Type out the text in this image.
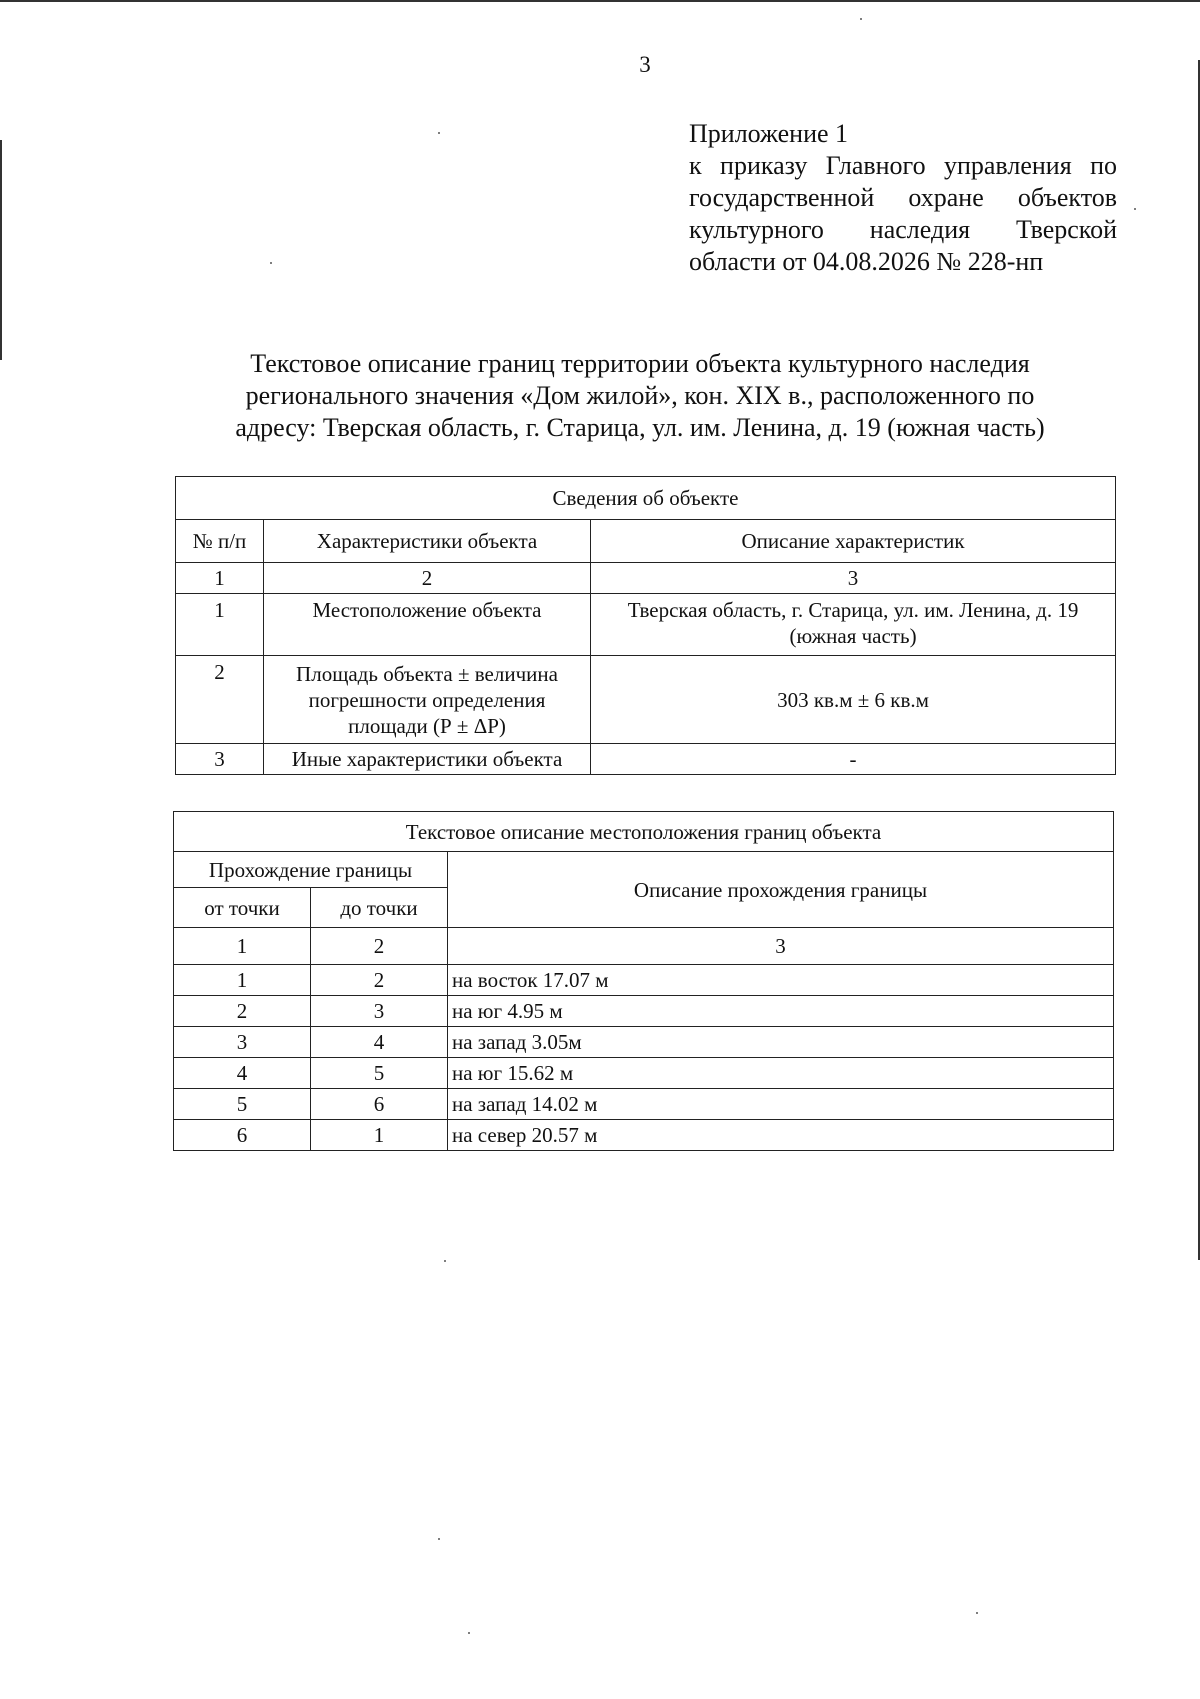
3
Приложение 1
к приказу Главного управления по
государственной охране объектов
культурного наследия Тверской
области от 04.08.2026 № 228-нп
Текстовое описание границ территории объекта культурного наследия
регионального значения «Дом жилой», кон. XIX в., расположенного по
адресу: Тверская область, г. Старица, ул. им. Ленина, д. 19 (южная часть)
Сведения об объекте		
№ п/п	Характеристики объекта	Описание характеристик
1	2	3
1	Местоположение объекта	Тверская область, г. Старица, ул. им. Ленина, д. 19 (южная часть)
2	Площадь объекта ± величина погрешности определения площади (Р ± ΔР)	303 кв.м ± 6 кв.м
3	Иные характеристики объекта	-
Текстовое описание местоположения границ объекта		
Прохождение границы		Описание прохождения границы
от точки	до точки	
1	2	3
1	2	на восток 17.07 м
2	3	на юг 4.95 м
3	4	на запад 3.05м
4	5	на юг 15.62 м
5	6	на запад 14.02 м
6	1	на север 20.57 м
